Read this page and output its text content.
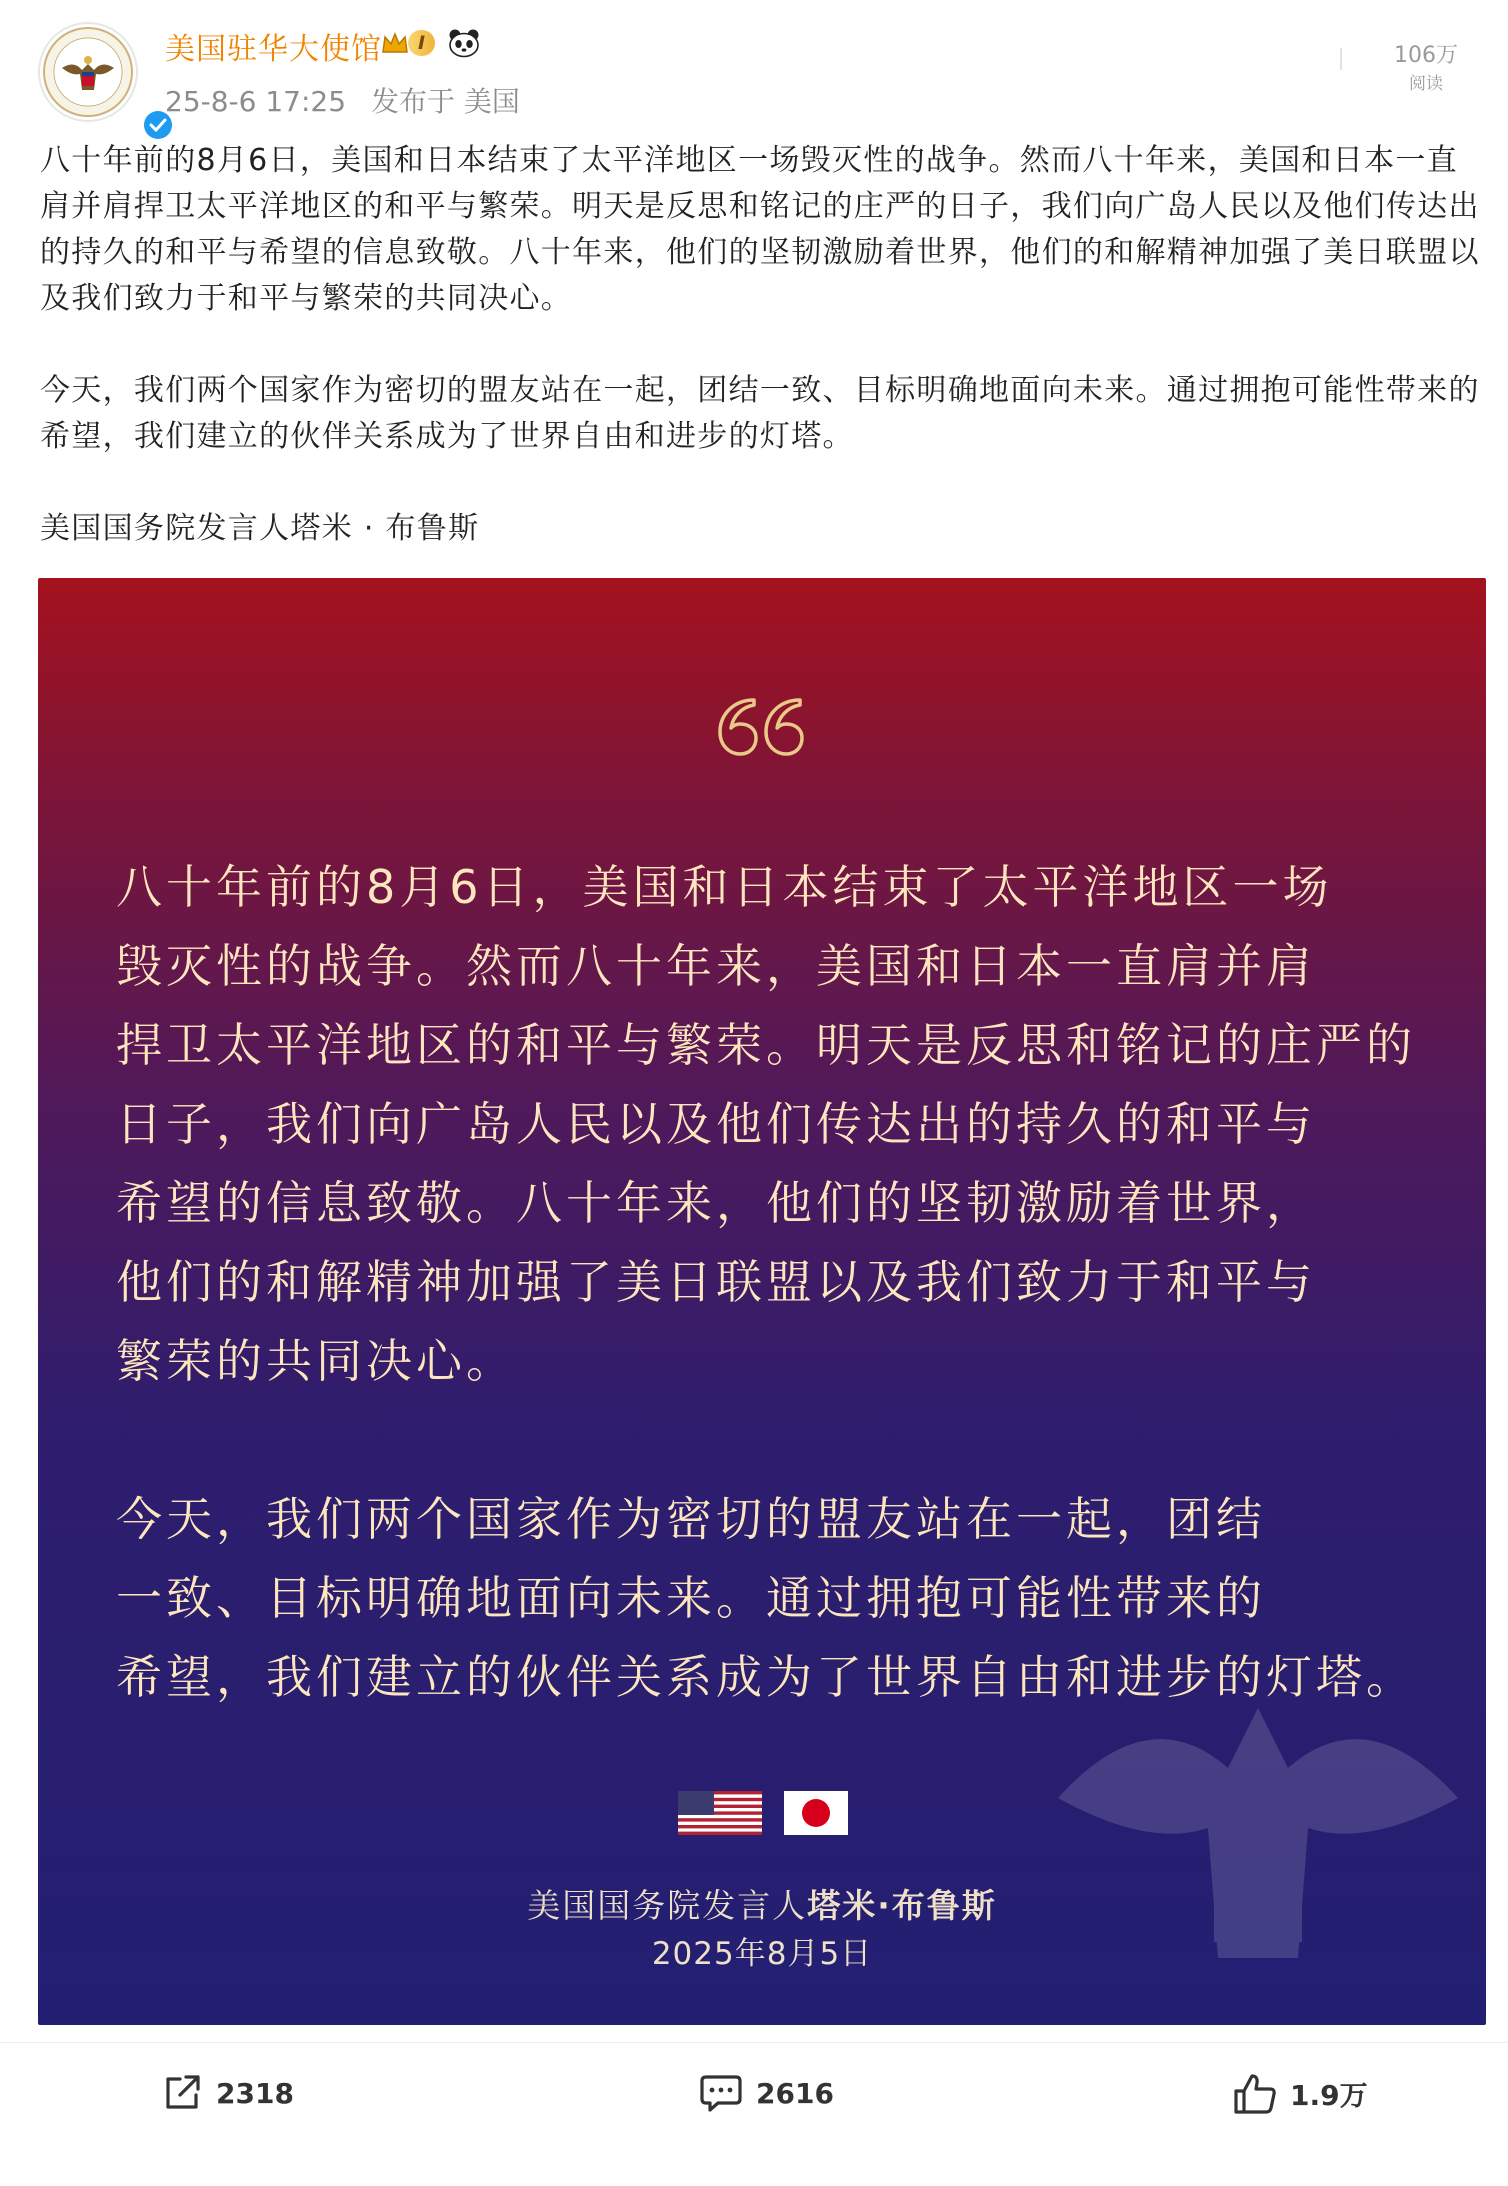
美国驻华大使馆	I
25-8-6 17:25 发布于 美国
106万
阅读

八十年前的8月6日，美国和日本结束了太平洋地区一场毁灭性的战争。然而八十年来，美国和日本一直肩并肩捍卫太平洋地区的和平与繁荣。明天是反思和铭记的庄严的日子，我们向广岛人民以及他们传达出的持久的和平与希望的信息致敬。八十年来，他们的坚韧激励着世界，他们的和解精神加强了美日联盟以及我们致力于和平与繁荣的共同决心。

今天，我们两个国家作为密切的盟友站在一起，团结一致、目标明确地面向未来。通过拥抱可能性带来的希望，我们建立的伙伴关系成为了世界自由和进步的灯塔。

美国国务院发言人塔米 · 布鲁斯

八十年前的8月6日，美国和日本结束了太平洋地区一场

毁灭性的战争。然而八十年来，美国和日本一直肩并肩

捍卫太平洋地区的和平与繁荣。明天是反思和铭记的庄严的

日子，我们向广岛人民以及他们传达出的持久的和平与

希望的信息致敬。八十年来，他们的坚韧激励着世界，

他们的和解精神加强了美日联盟以及我们致力于和平与

繁荣的共同决心。

今天，我们两个国家作为密切的盟友站在一起，团结

一致、目标明确地面向未来。通过拥抱可能性带来的

希望，我们建立的伙伴关系成为了世界自由和进步的灯塔。

美国国务院发言人塔米·布鲁斯
2025年8月5日
2318	2616	1.9万
